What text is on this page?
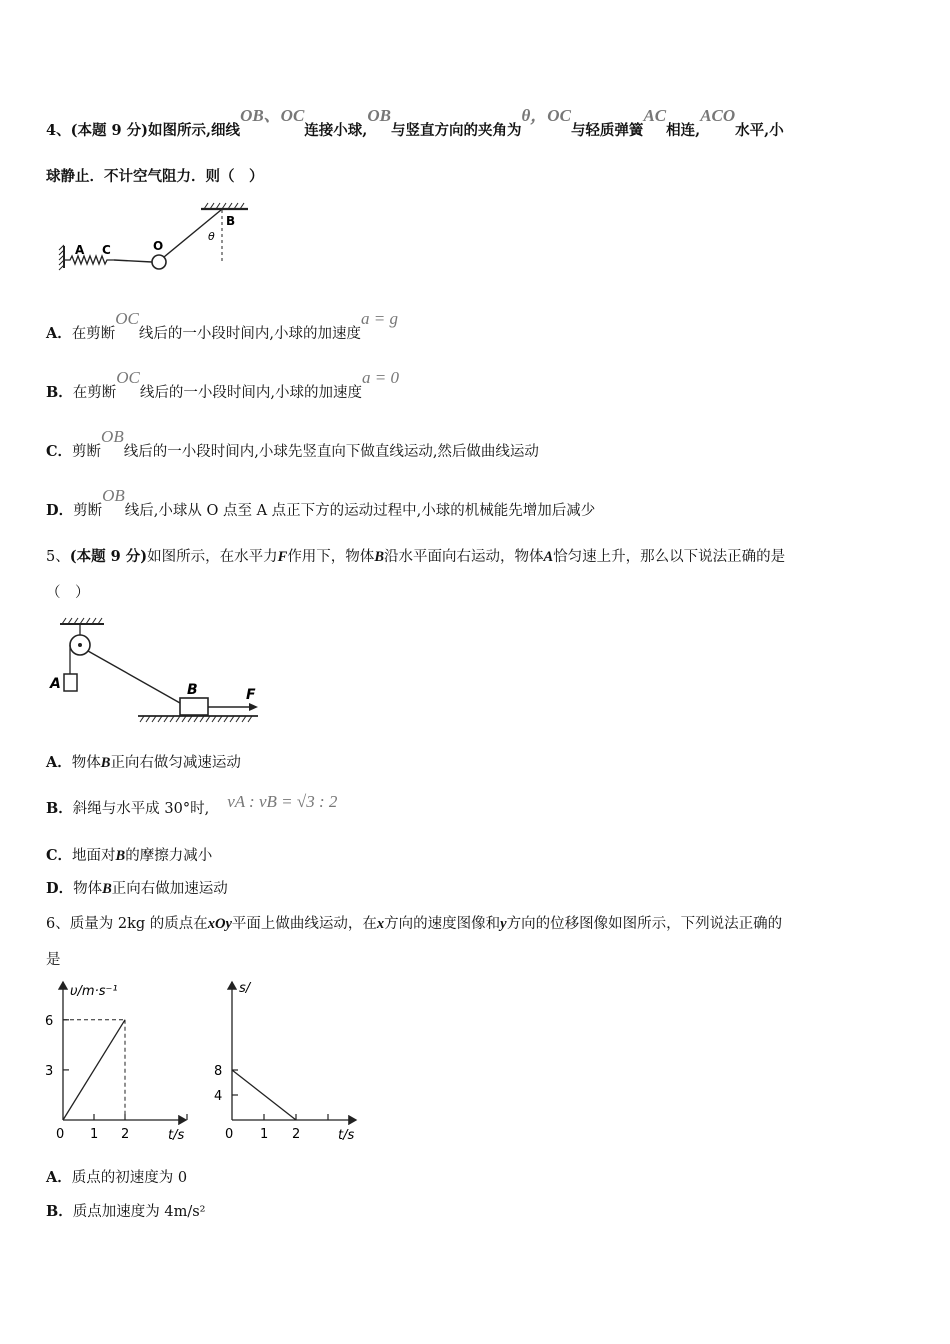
4、(本题 9 分)如图所示,细线OB、OC连接小球,OB与竖直方向的夹角为θ，OC与轻质弹簧AC相连,ACO水平,小
球静止．不计空气阻力．则（　）
A C	O
B
θ
A．在剪断OC线后的一小段时间内,小球的加速度a = g
B．在剪断OC线后的一小段时间内,小球的加速度a = 0
C．剪断OB线后的一小段时间内,小球先竖直向下做直线运动,然后做曲线运动
D．剪断OB线后,小球从 O 点至 A 点正下方的运动过程中,小球的机械能先增加后减少
5、(本题 9 分)如图所示，在水平力F作用下，物体B沿水平面向右运动，物体A恰匀速上升，那么以下说法正确的是
（　）
A	B	F
A．物体B正向右做匀减速运动
B．斜绳与水平成 30°时, vA : vB = √3 : 2
C．地面对B的摩擦力减小
D．物体B正向右做加速运动
6、质量为 2kg 的质点在xOy平面上做曲线运动，在x方向的速度图像和y方向的位移图像如图所示，下列说法正确的
是
0 1 2
3
6
υ/m·s⁻¹
t/s	0 1 2
4
8
s/
t/s
A．质点的初速度为 0
B．质点加速度为 4m/s²
